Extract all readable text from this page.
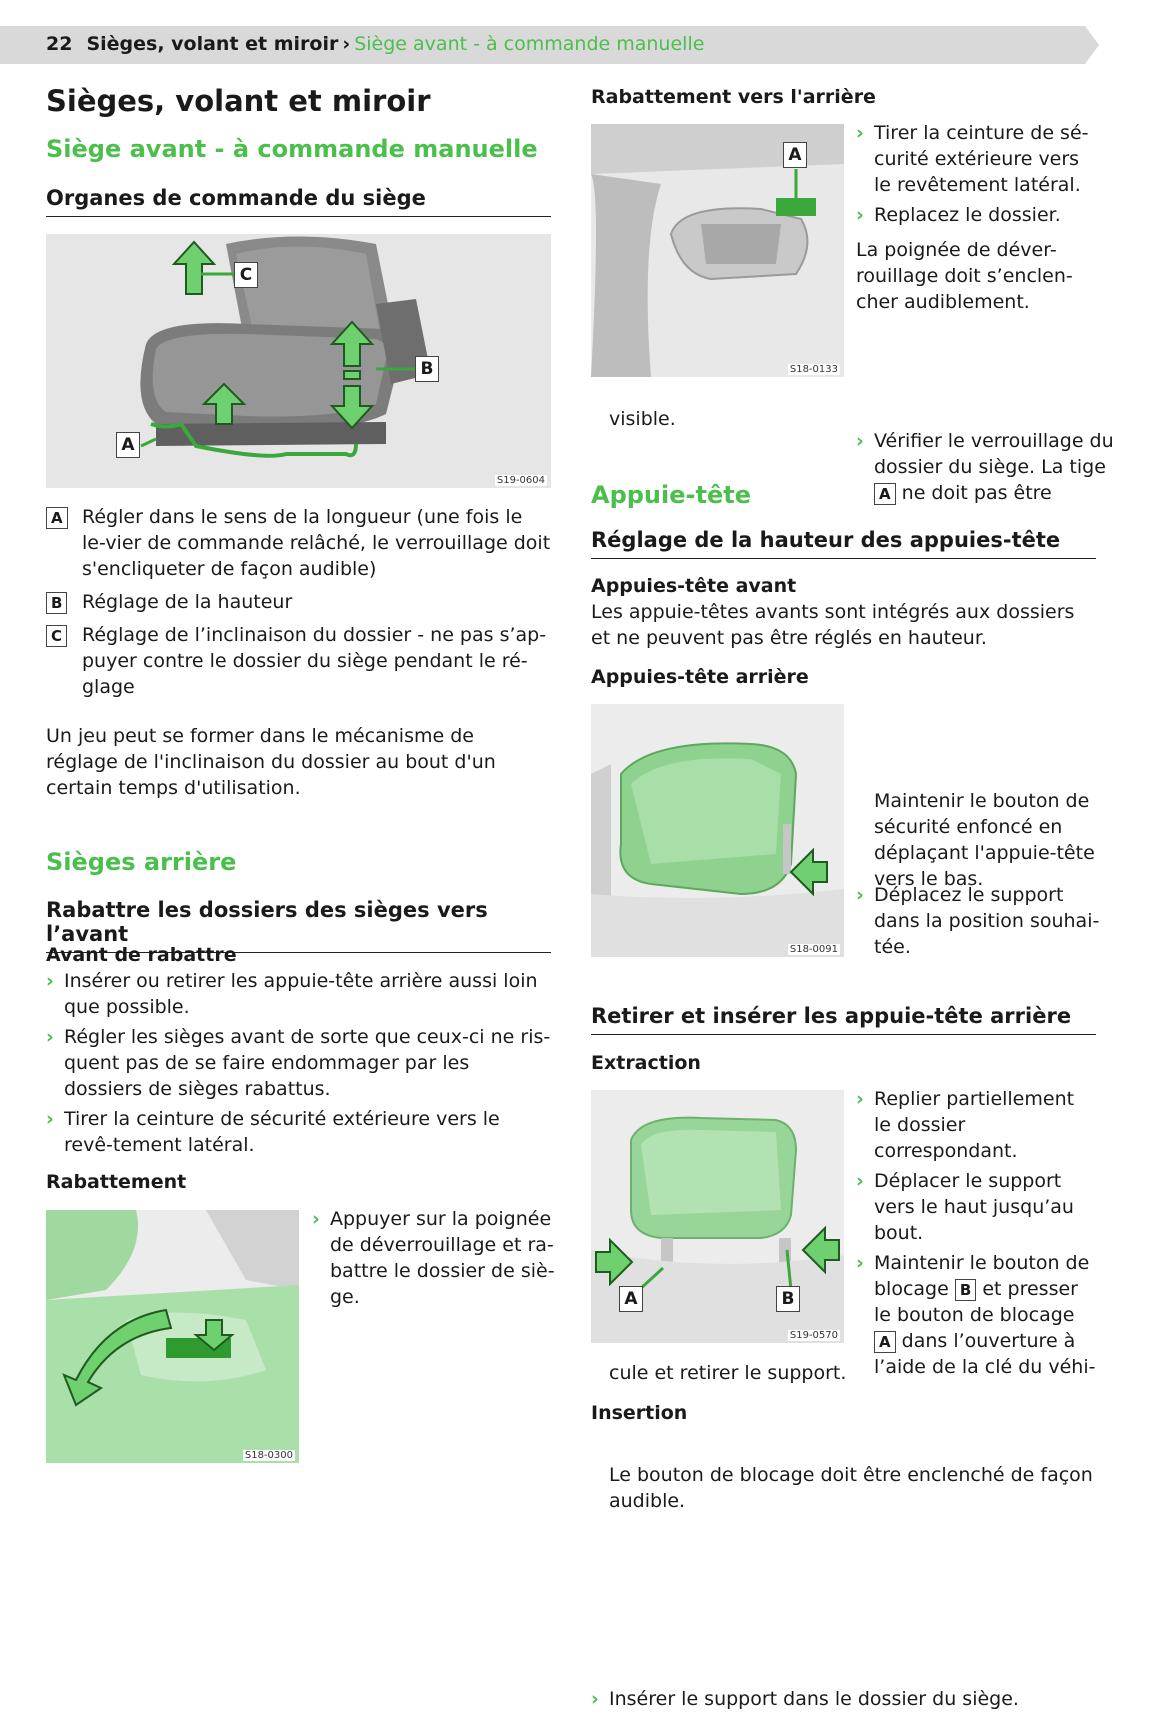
22 Sièges, volant et miroir › Siège avant - à commande manuelle
Sièges, volant et miroir
Siège avant - à commande manuelle
Organes de commande du siège
C
B
A
S19-0604
A	Régler dans le sens de la longueur (une fois le le-vier de commande relâché, le verrouillage doit s'encliqueter de façon audible)
B	Réglage de la hauteur
C	Réglage de l’inclinaison du dossier - ne pas s’ap-puyer contre le dossier du siège pendant le ré-glage
Un jeu peut se former dans le mécanisme de réglage de l'inclinaison du dossier au bout d'un certain temps d'utilisation.
Sièges arrière
Rabattre les dossiers des sièges vers l’avant
Avant de rabattre
› Insérer ou retirer les appuie-tête arrière aussi loin que possible.
› Régler les sièges avant de sorte que ceux-ci ne ris-quent pas de se faire endommager par les dossiers de sièges rabattus.
› Tirer la ceinture de sécurité extérieure vers le revê-tement latéral.
Rabattement
S18-0300
› Appuyer sur la poignée de déverrouillage et ra-battre le dossier de siè-ge.
Rabattement vers l'arrière
A
S18-0133
› Tirer la ceinture de sé-curité extérieure vers le revêtement latéral.
› Replacez le dossier.
La poignée de déver-rouillage doit s’enclen-cher audiblement.
› Vérifier le verrouillage du dossier du siège. La tige A ne doit pas être
visible.
Appuie-tête
Réglage de la hauteur des appuies-tête
Appuies-tête avant
Les appuie-têtes avants sont intégrés aux dossiers et ne peuvent pas être réglés en hauteur.
Appuies-tête arrière
S18-0091
› Déplacez le support dans la position souhai-tée.
Maintenir le bouton de sécurité enfoncé en déplaçant l'appuie-tête vers le bas.
Retirer et insérer les appuie-tête arrière
Extraction
A	B
S19-0570
› Replier partiellement le dossier correspondant.
› Déplacer le support vers le haut jusqu’au bout.
› Maintenir le bouton de blocage B et presser le bouton de blocage A dans l’ouverture à l’aide de la clé du véhi-
cule et retirer le support.
Insertion
› Insérer le support dans le dossier du siège.
Le bouton de blocage doit être enclenché de façon audible.
